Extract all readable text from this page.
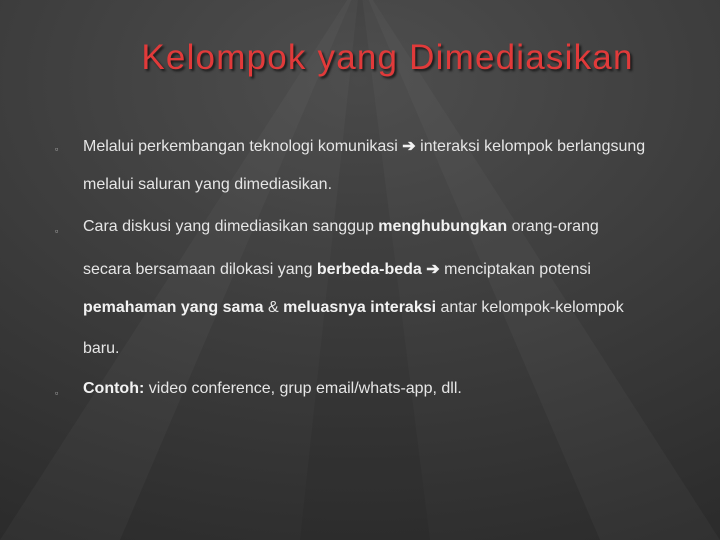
Kelompok yang Dimediasikan
▫ Melalui perkembangan teknologi komunikasi ➔ interaksi kelompok berlangsung
melalui saluran yang dimediasikan.
▫ Cara diskusi yang dimediasikan sanggup menghubungkan orang-orang
secara bersamaan dilokasi yang berbeda-beda ➔ menciptakan potensi
pemahaman yang sama & meluasnya interaksi antar kelompok-kelompok
baru.
▫ Contoh: video conference, grup email/whats-app, dll.
